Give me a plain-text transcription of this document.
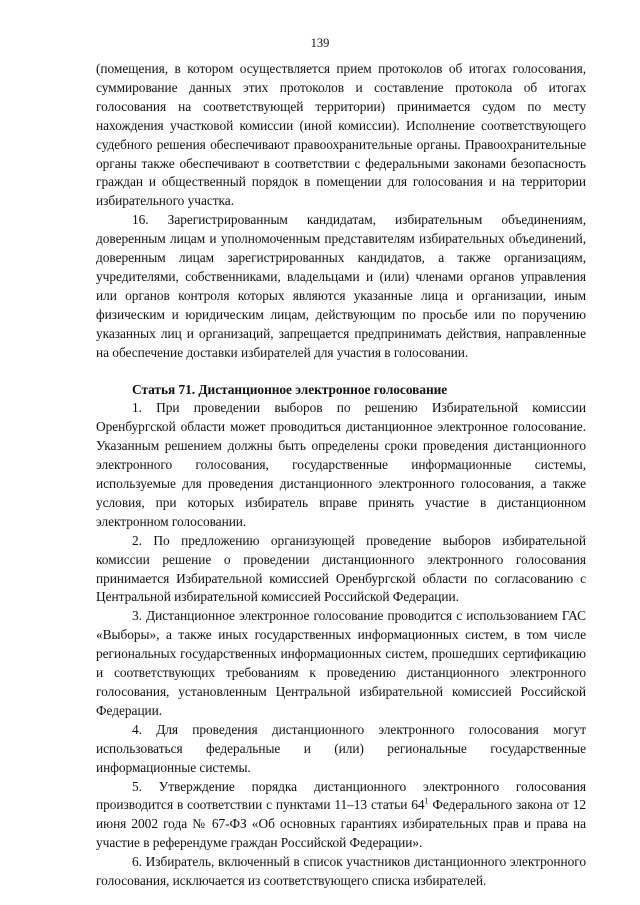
139

(помещения, в котором осуществляется прием протоколов об итогах голосования, суммирование данных этих протоколов и составление протокола об итогах голосования на соответствующей территории) принимается судом по месту нахождения участковой комиссии (иной комиссии). Исполнение соответствующего судебного решения обеспечивают правоохранительные органы. Правоохранительные органы также обеспечивают в соответствии с федеральными законами безопасность граждан и общественный порядок в помещении для голосования и на территории избирательного участка.

16. Зарегистрированным кандидатам, избирательным объединениям, доверенным лицам и уполномоченным представителям избирательных объединений, доверенным лицам зарегистрированных кандидатов, а также организациям, учредителями, собственниками, владельцами и (или) членами органов управления или органов контроля которых являются указанные лица и организации, иным физическим и юридическим лицам, действующим по просьбе или по поручению указанных лиц и организаций, запрещается предпринимать действия, направленные на обеспечение доставки избирателей для участия в голосовании.

Статья 71. Дистанционное электронное голосование

1. При проведении выборов по решению Избирательной комиссии Оренбургской области может проводиться дистанционное электронное голосование. Указанным решением должны быть определены сроки проведения дистанционного электронного голосования, государственные информационные системы, используемые для проведения дистанционного электронного голосования, а также условия, при которых избиратель вправе принять участие в дистанционном электронном голосовании.

2. По предложению организующей проведение выборов избирательной комиссии решение о проведении дистанционного электронного голосования принимается Избирательной комиссией Оренбургской области по согласованию с Центральной избирательной комиссией Российской Федерации.

3. Дистанционное электронное голосование проводится с использованием ГАС «Выборы», а также иных государственных информационных систем, в том числе региональных государственных информационных систем, прошедших сертификацию и соответствующих требованиям к проведению дистанционного электронного голосования, установленным Центральной избирательной комиссией Российской Федерации.

4. Для проведения дистанционного электронного голосования могут использоваться федеральные и (или) региональные государственные информационные системы.

5. Утверждение порядка дистанционного электронного голосования производится в соответствии с пунктами 11–13 статьи $64^1$ Федерального закона от 12 июня 2002 года № 67-ФЗ «Об основных гарантиях избирательных прав и права на участие в референдуме граждан Российской Федерации».

6. Избиратель, включенный в список участников дистанционного электронного голосования, исключается из соответствующего списка избирателей.
